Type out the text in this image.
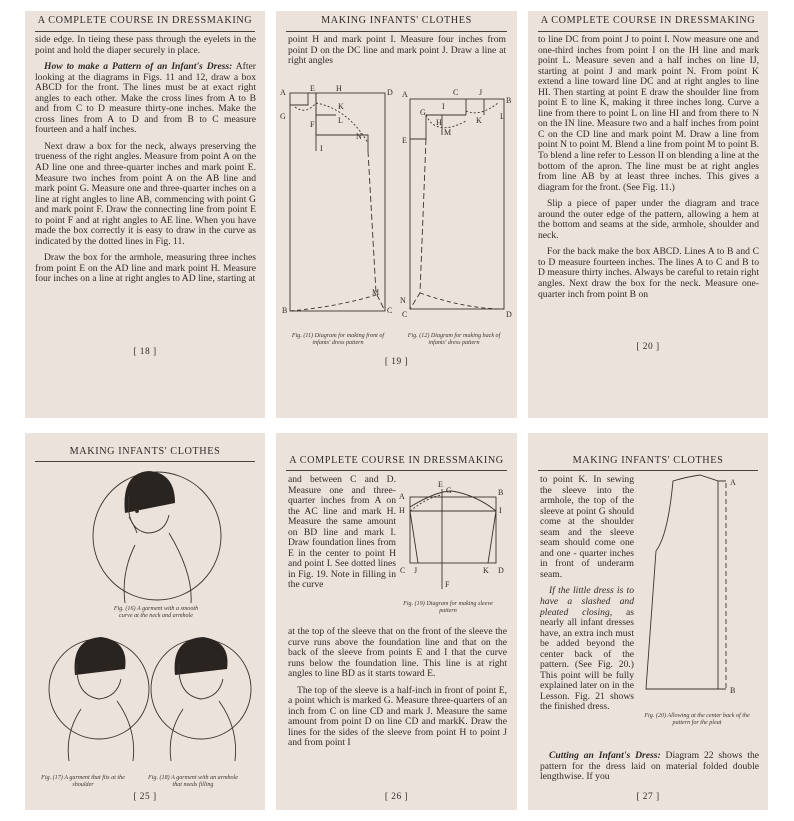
A COMPLETE COURSE IN DRESSMAKING

side edge. In tieing these pass through the eyelets in the point and hold the diaper securely in place.

How to make a Pattern of an Infant's Dress: After looking at the diagrams in Figs. 11 and 12, draw a box ABCD for the front. The lines must be at exact right angles to each other. Make the cross lines from A to B and from C to D measure thirty-one inches. Make the cross lines from A to D and from B to C measure fourteen and a half inches.

Next draw a box for the neck, always preserving the trueness of the right angles. Measure from point A on the AD line one and three-quarter inches and mark point E. Measure two inches from point A on the AB line and mark point G. Measure one and three-quarter inches on a line at right angles to line AB, commencing with point G and mark point F. Draw the connecting line from point E to point F and at right angles to AE line. When you have made the box correctly it is easy to draw in the curve as indicated by the dotted lines in Fig. 11.

Draw the box for the armhole, measuring three inches from point E on the AD line and mark point H. Measure four inches on a line at right angles to AD line, starting at

[ 18 ]
MAKING INFANTS' CLOTHES

point H and mark point I. Measure four inches from point D on the DC line and mark point J. Draw a line at right angles

A	E	H	D
G
F
K
L
N
I
M
B	C
A	C	J
B
I
K
E
L
H
M
N
G
C	D
Fig. (11) Diagram for making front of infants' dress pattern
Fig. (12) Diagram for making back of infants' dress pattern
[ 19 ]
A COMPLETE COURSE IN DRESSMAKING

to line DC from point J to point I. Now measure one and one-third inches from point I on the IH line and mark point L. Measure seven and a half inches on line IJ, starting at point J and mark point N. From point K extend a line toward line DC and at right angles to line HI. Then starting at point E draw the shoulder line from point E to line K, making it three inches long. Curve a line from there to point L on line HI and from there to N on the IN line. Measure two and a half inches from point C on the CD line and mark point M. Draw a line from point N to point M. Blend a line from point M to point B. To blend a line refer to Lesson II on blending a line at the bottom of the apron. The line must be at right angles from line AB by at least three inches. This gives a diagram for the front. (See Fig. 11.)

Slip a piece of paper under the diagram and trace around the outer edge of the pattern, allowing a hem at the bottom and seams at the side, armhole, shoulder and neck.

For the back make the box ABCD. Lines A to B and C to D measure fourteen inches. The lines A to C and B to D measure thirty inches. Always be careful to retain right angles. Next draw the box for the neck. Measure one-quarter inch from point B on

[ 20 ]
MAKING INFANTS' CLOTHES
Fig. (16) A garment with a smooth curve at the neck and armhole
Fig. (17) A garment that fits at the shoulder
Fig. (18) A garment with an armhole that needs filling
[ 25 ]
A COMPLETE COURSE IN DRESSMAKING

and between C and D. Measure one and three-quarter inches from A on the AC line and mark H. Measure the same amount on BD line and mark I. Draw foundation lines from E in the center to point H and point I. See dotted lines in Fig. 19. Note in filling in the curve

at the top of the sleeve that on the front of the sleeve the curve runs above the foundation line and that on the back of the sleeve from points E and I that the curve runs below the foundation line. This line is at right angles to line BD as it starts toward E.

The top of the sleeve is a half-inch in front of point E, a point which is marked G. Measure three-quarters of an inch from C on line CD and mark J. Measure the same amount from point D on line CD and markK. Draw the lines for the sides of the sleeve from point H to point J and from point I

A
E
G	B
H	I
C J
F
K D
Fig. (19) Diagram for making sleeve pattern
[ 26 ]
MAKING INFANTS' CLOTHES

to point K. In sewing the sleeve into the armhole, the top of the sleeve at point G should come at the shoulder seam and the sleeve seam should come one and one - quarter inches in front of underarm seam.

If the little dress is to have a slashed and pleated closing, as nearly all infant dresses have, an extra inch must be added beyond the center back of the pattern. (See Fig. 20.) This point will be fully explained later on in the Lesson. Fig. 21 shows the finished dress.

Cutting an Infant's Dress: Diagram 22 shows the pattern for the dress laid on material folded double lengthwise. If you

A
B
Fig. (20) Allowing at the center back of the pattern for the pleat
[ 27 ]
